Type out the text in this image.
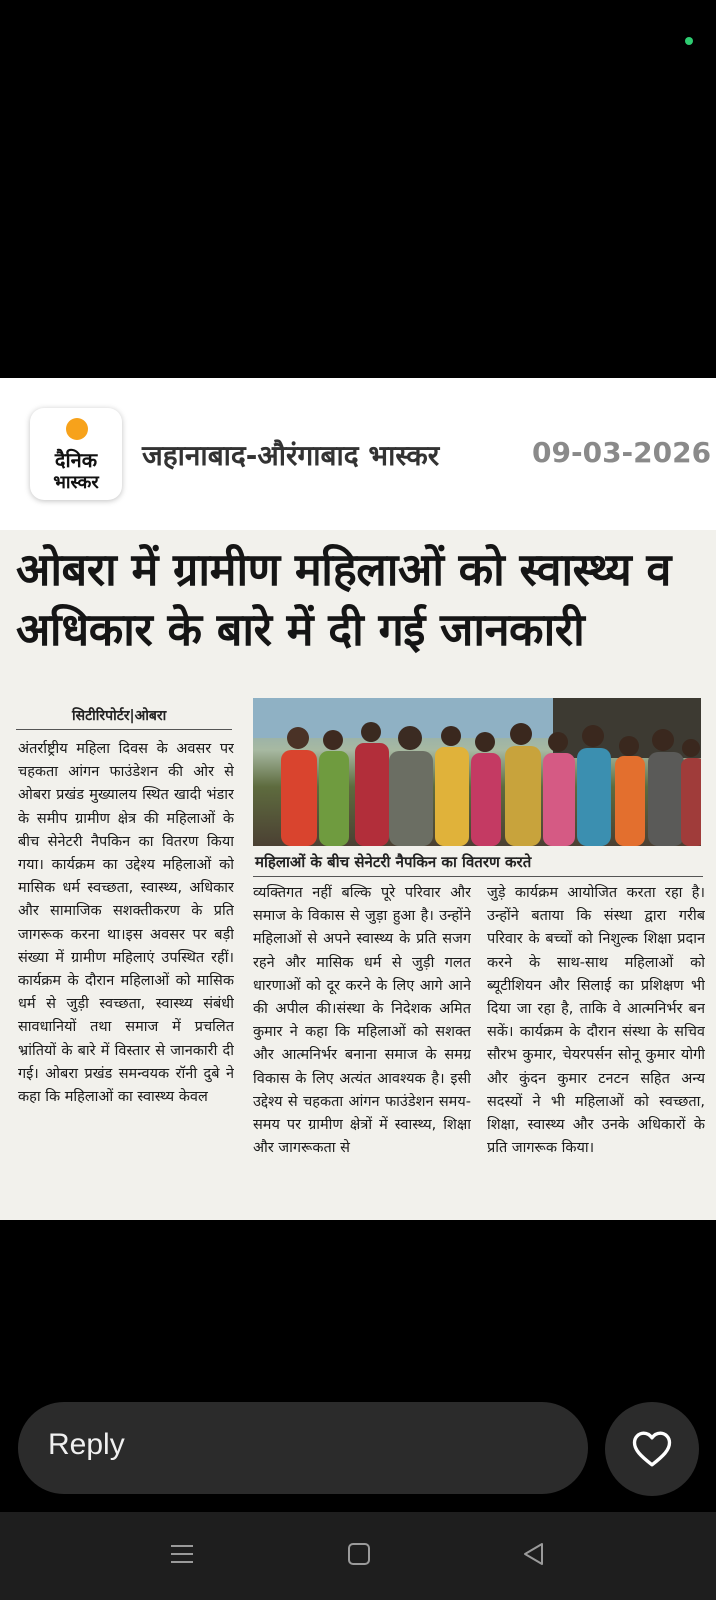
दैनिक
भास्कर
जहानाबाद-औरंगाबाद भास्कर	09-03-2026
ओबरा में ग्रामीण महिलाओं को स्वास्थ्य व अधिकार के बारे में दी गई जानकारी
सिटीरिपोर्टर|ओबरा
महिलाओं के बीच सेनेटरी नैपकिन का वितरण करते
अंतर्राष्ट्रीय महिला दिवस के अवसर पर चहकता आंगन फाउंडेशन की ओर से ओबरा प्रखंड मुख्यालय स्थित खादी भंडार के समीप ग्रामीण क्षेत्र की महिलाओं के बीच सेनेटरी नैपकिन का वितरण किया गया। कार्यक्रम का उद्देश्य महिलाओं को मासिक धर्म स्वच्छता, स्वास्थ्य, अधिकार और सामाजिक सशक्तीकरण के प्रति जागरूक करना था।इस अवसर पर बड़ी संख्या में ग्रामीण महिलाएं उपस्थित रहीं। कार्यक्रम के दौरान महिलाओं को मासिक धर्म से जुड़ी स्वच्छता, स्वास्थ्य संबंधी सावधानियों तथा समाज में प्रचलित भ्रांतियों के बारे में विस्तार से जानकारी दी गई। ओबरा प्रखंड समन्वयक रॉनी दुबे ने कहा कि महिलाओं का स्वास्थ्य केवल
व्यक्तिगत नहीं बल्कि पूरे परिवार और समाज के विकास से जुड़ा हुआ है। उन्होंने महिलाओं से अपने स्वास्थ्य के प्रति सजग रहने और मासिक धर्म से जुड़ी गलत धारणाओं को दूर करने के लिए आगे आने की अपील की।संस्था के निदेशक अमित कुमार ने कहा कि महिलाओं को सशक्त और आत्मनिर्भर बनाना समाज के समग्र विकास के लिए अत्यंत आवश्यक है। इसी उद्देश्य से चहकता आंगन फाउंडेशन समय-समय पर ग्रामीण क्षेत्रों में स्वास्थ्य, शिक्षा और जागरूकता से
जुड़े कार्यक्रम आयोजित करता रहा है। उन्होंने बताया कि संस्था द्वारा गरीब परिवार के बच्चों को निशुल्क शिक्षा प्रदान करने के साथ-साथ महिलाओं को ब्यूटीशियन और सिलाई का प्रशिक्षण भी दिया जा रहा है, ताकि वे आत्मनिर्भर बन सकें। कार्यक्रम के दौरान संस्था के सचिव सौरभ कुमार, चेयरपर्सन सोनू कुमार योगी और कुंदन कुमार टनटन सहित अन्य सदस्यों ने भी महिलाओं को स्वच्छता, शिक्षा, स्वास्थ्य और उनके अधिकारों के प्रति जागरूक किया।
Reply
